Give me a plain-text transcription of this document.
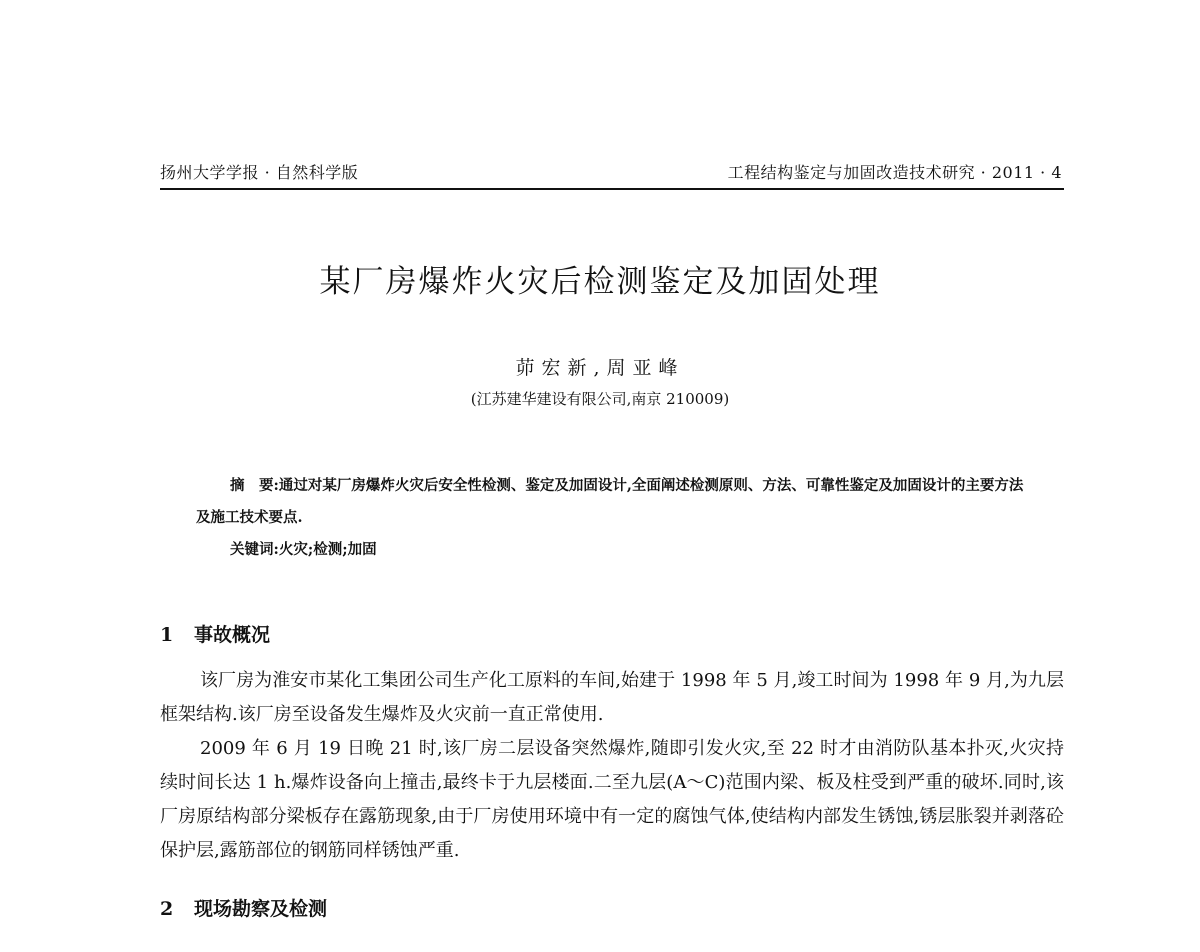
扬州大学学报 · 自然科学版	工程结构鉴定与加固改造技术研究 · 2011 · 4
某厂房爆炸火灾后检测鉴定及加固处理
茆宏新,周亚峰
(江苏建华建设有限公司,南京 210009)
摘　要:通过对某厂房爆炸火灾后安全性检测、鉴定及加固设计,全面阐述检测原则、方法、可靠性鉴定及加固设计的主要方法及施工技术要点.
关键词:火灾;检测;加固
1 事故概况
该厂房为淮安市某化工集团公司生产化工原料的车间,始建于 1998 年 5 月,竣工时间为 1998 年 9 月,为九层框架结构.该厂房至设备发生爆炸及火灾前一直正常使用.
2009 年 6 月 19 日晚 21 时,该厂房二层设备突然爆炸,随即引发火灾,至 22 时才由消防队基本扑灭,火灾持续时间长达 1 h.爆炸设备向上撞击,最终卡于九层楼面.二至九层(A～C)范围内梁、板及柱受到严重的破坏.同时,该厂房原结构部分梁板存在露筋现象,由于厂房使用环境中有一定的腐蚀气体,使结构内部发生锈蚀,锈层胀裂并剥落砼保护层,露筋部位的钢筋同样锈蚀严重.
2 现场勘察及检测
